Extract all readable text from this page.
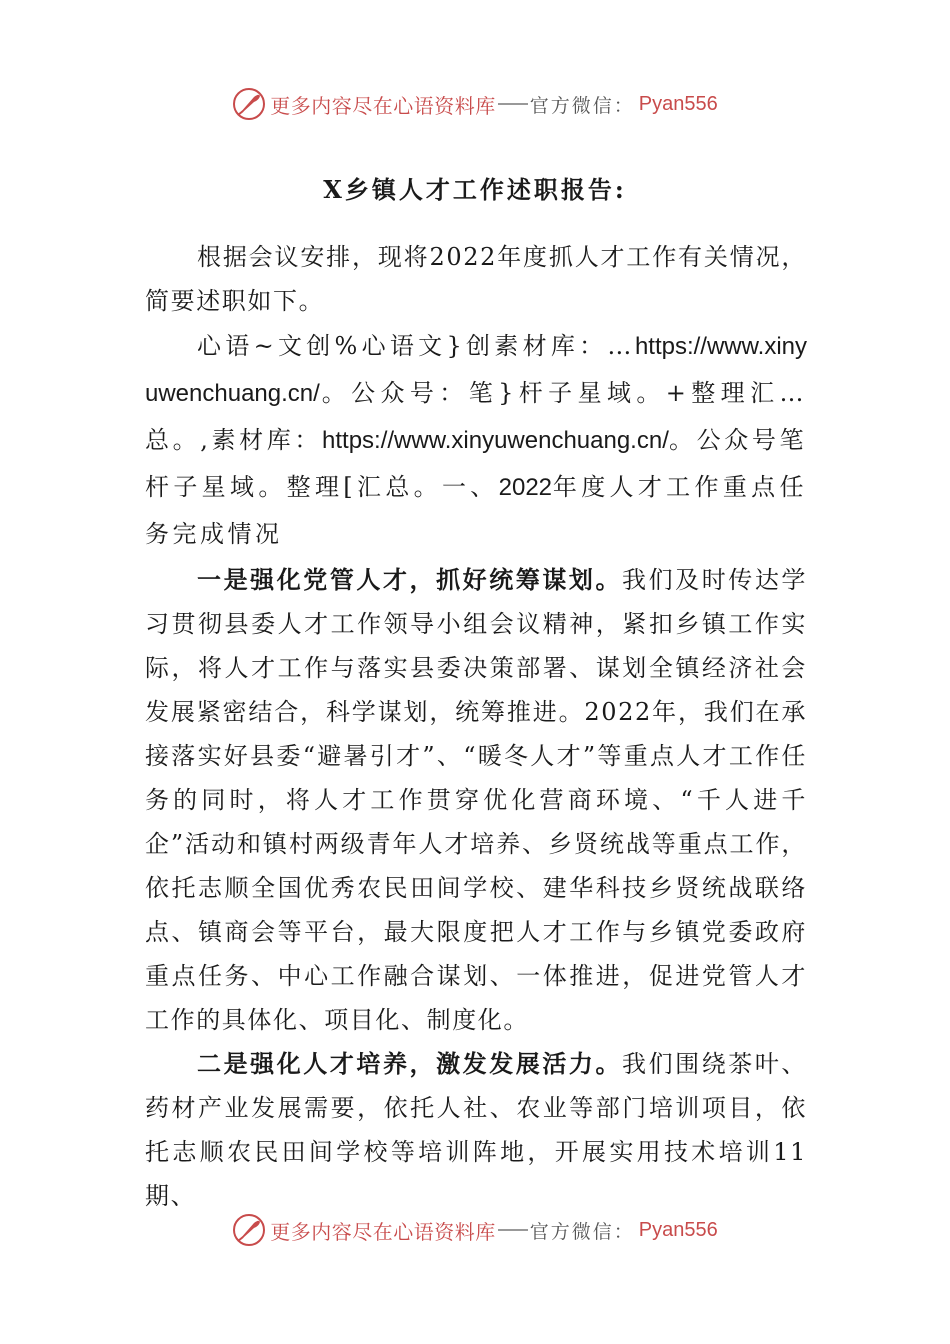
更多内容尽在心语资料库 官方微信： Pyan556
X乡镇人才工作述职报告:

根据会议安排，现将2022年度抓人才工作有关情况，简要述职如下。

心语~文创%心语文}创素材库：…https://www.xinyuwenchuang.cn/。公众号：笔}杆子星域。+整理汇…总。,素材库：https://www.xinyuwenchuang.cn/。公众号笔杆子星域。整理[汇总。一、2022年度人才工作重点任务完成情况

一是强化党管人才，抓好统筹谋划。我们及时传达学习贯彻县委人才工作领导小组会议精神，紧扣乡镇工作实际，将人才工作与落实县委决策部署、谋划全镇经济社会发展紧密结合，科学谋划，统筹推进。2022年，我们在承接落实好县委“避暑引才”、“暖冬人才”等重点人才工作任务的同时，将人才工作贯穿优化营商环境、“千人进千企”活动和镇村两级青年人才培养、乡贤统战等重点工作，依托志顺全国优秀农民田间学校、建华科技乡贤统战联络点、镇商会等平台，最大限度把人才工作与乡镇党委政府重点任务、中心工作融合谋划、一体推进，促进党管人才工作的具体化、项目化、制度化。

二是强化人才培养，激发发展活力。我们围绕茶叶、药材产业发展需要，依托人社、农业等部门培训项目，依托志顺农民田间学校等培训阵地，开展实用技术培训11期、

更多内容尽在心语资料库 官方微信： Pyan556
